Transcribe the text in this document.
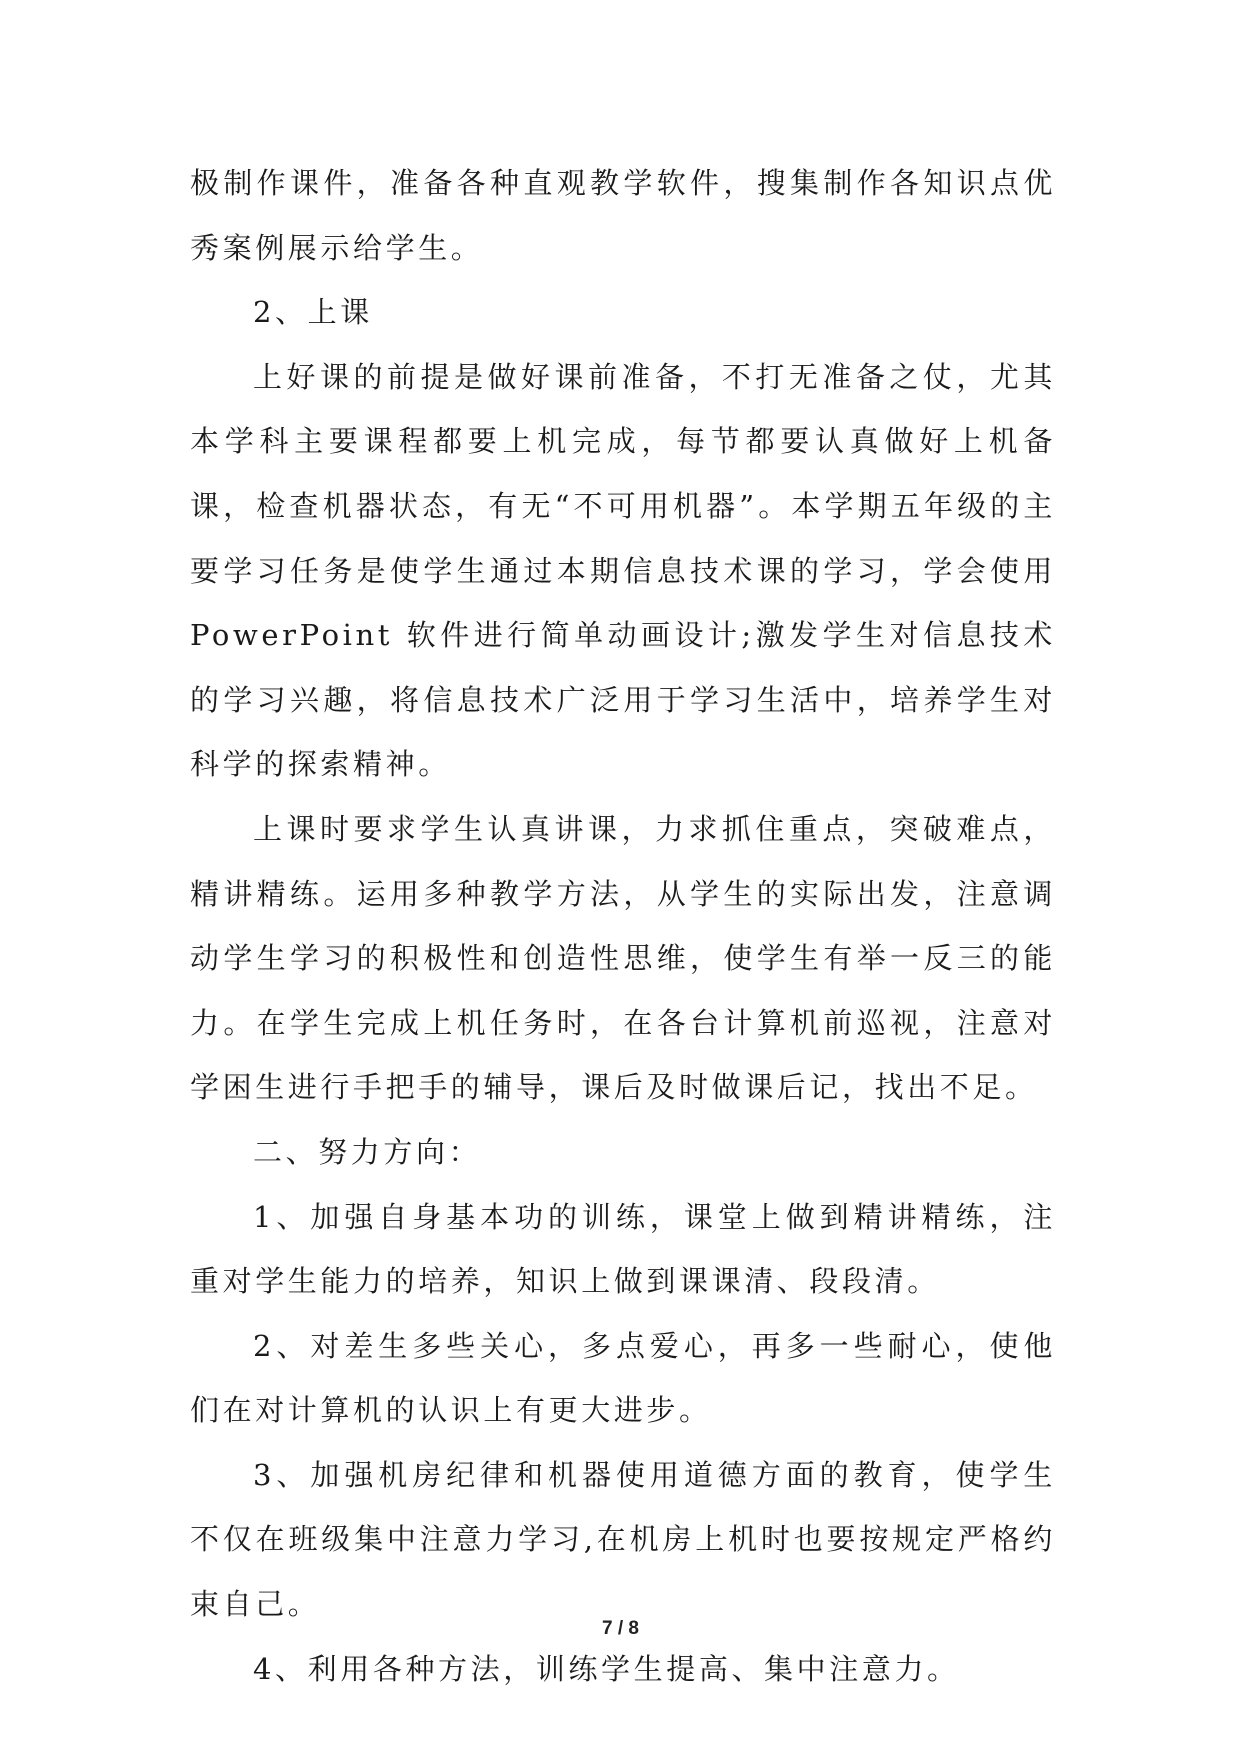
极制作课件，准备各种直观教学软件，搜集制作各知识点优秀案例展示给学生。

2、上课

上好课的前提是做好课前准备，不打无准备之仗，尤其本学科主要课程都要上机完成，每节都要认真做好上机备课，检查机器状态，有无“不可用机器”。本学期五年级的主要学习任务是使学生通过本期信息技术课的学习，学会使用 PowerPoint 软件进行简单动画设计;激发学生对信息技术的学习兴趣，将信息技术广泛用于学习生活中，培养学生对科学的探索精神。

上课时要求学生认真讲课，力求抓住重点，突破难点，精讲精练。运用多种教学方法，从学生的实际出发，注意调动学生学习的积极性和创造性思维，使学生有举一反三的能力。在学生完成上机任务时，在各台计算机前巡视，注意对学困生进行手把手的辅导，课后及时做课后记，找出不足。

二、努力方向：

1、加强自身基本功的训练，课堂上做到精讲精练，注重对学生能力的培养，知识上做到课课清、段段清。

2、对差生多些关心，多点爱心，再多一些耐心，使他们在对计算机的认识上有更大进步。

3、加强机房纪律和机器使用道德方面的教育，使学生不仅在班级集中注意力学习,在机房上机时也要按规定严格约束自己。

4、利用各种方法，训练学生提高、集中注意力。

7 / 8
